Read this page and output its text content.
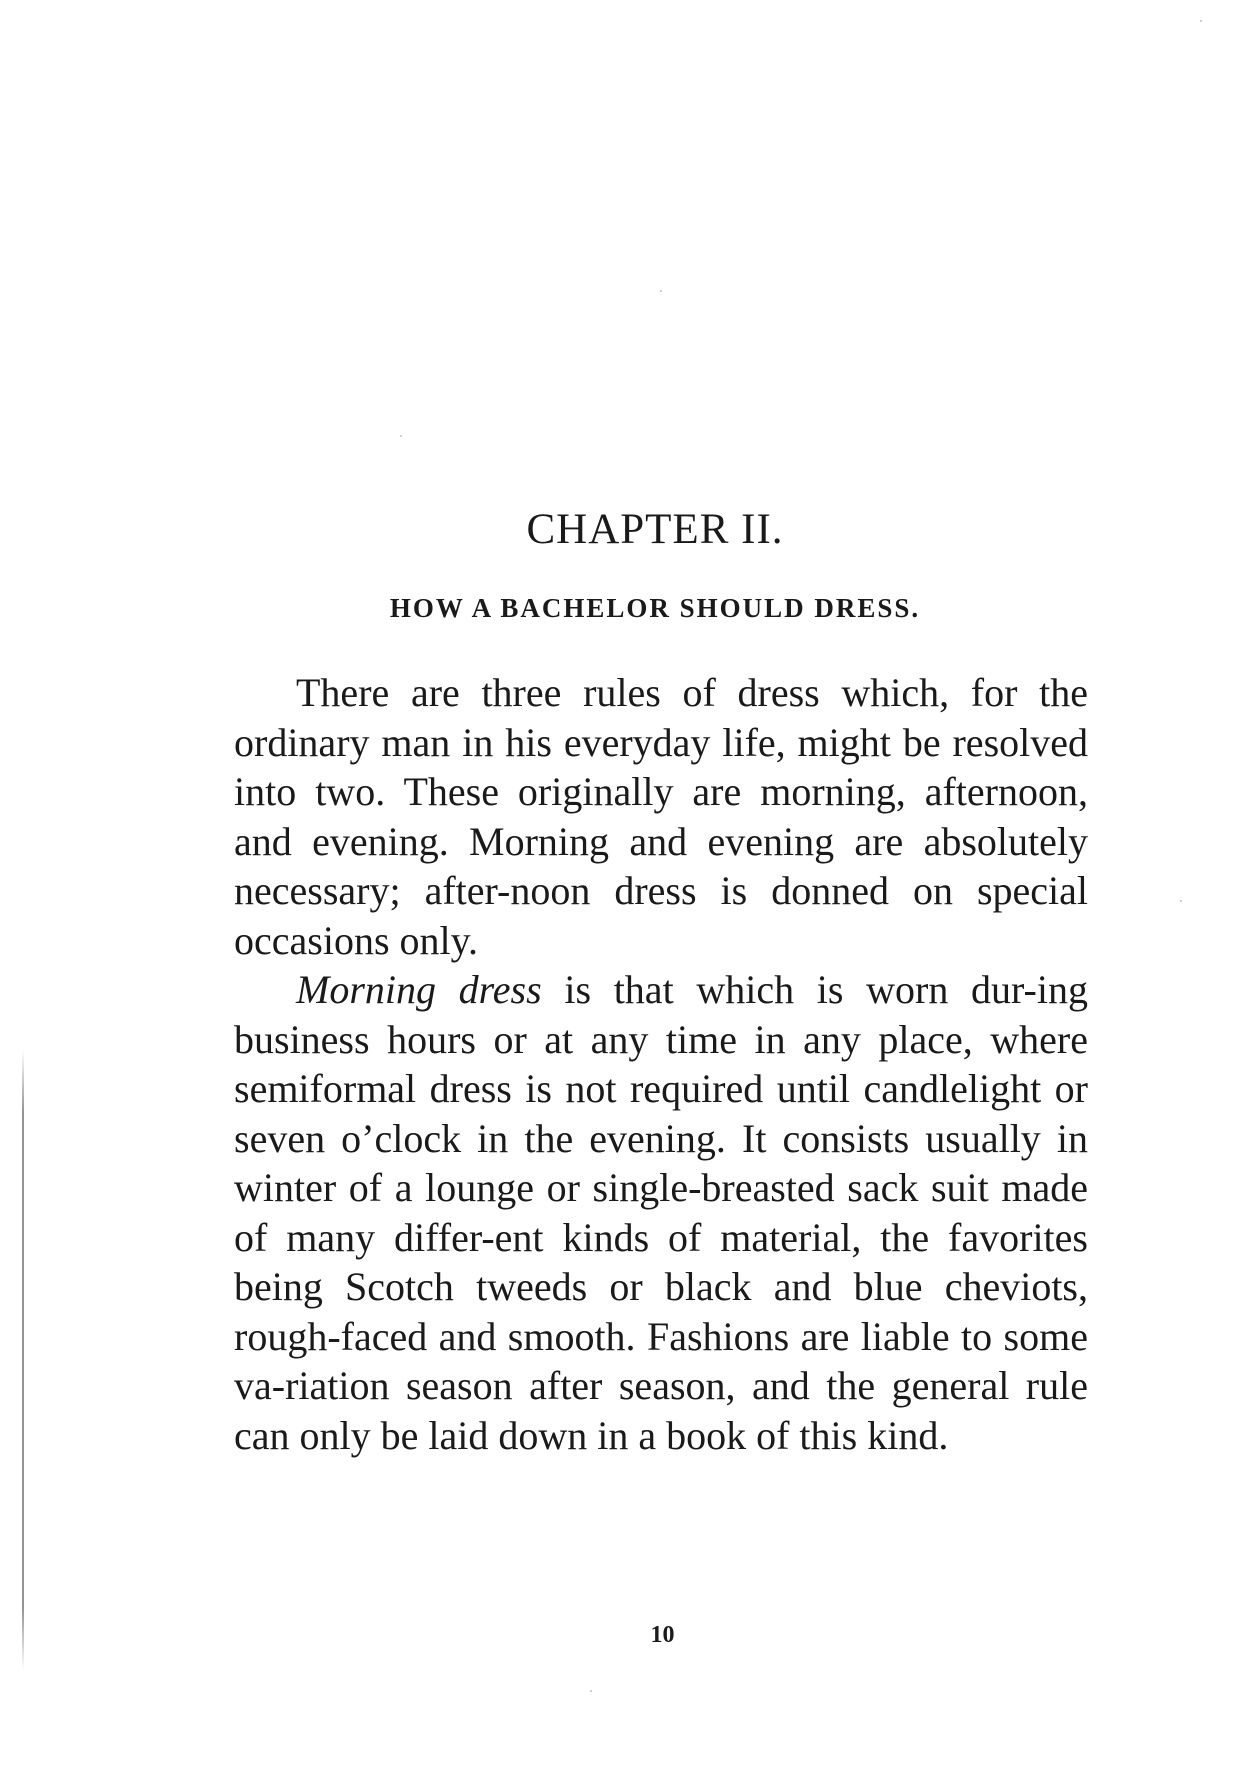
CHAPTER II.
HOW A BACHELOR SHOULD DRESS.

There are three rules of dress which, for the ordinary man in his everyday life, might be resolved into two. These originally are morning, afternoon, and evening. Morning and evening are absolutely necessary; after-noon dress is donned on special occasions only.

Morning dress is that which is worn dur-ing business hours or at any time in any place, where semiformal dress is not required until candlelight or seven o’clock in the evening. It consists usually in winter of a lounge or single-breasted sack suit made of many differ-ent kinds of material, the favorites being Scotch tweeds or black and blue cheviots, rough-faced and smooth. Fashions are liable to some va-riation season after season, and the general rule can only be laid down in a book of this kind.

10
